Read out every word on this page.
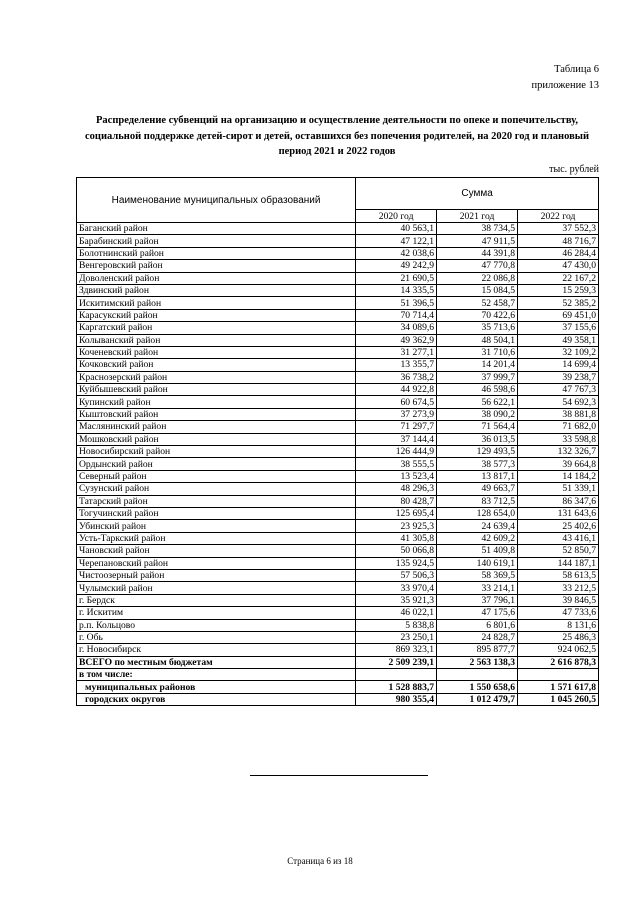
Таблица 6
приложение 13
Распределение субвенций на организацию и осуществление деятельности по опеке и попечительству, социальной поддержке детей-сирот и детей, оставшихся без попечения родителей, на 2020 год и плановый период 2021 и 2022 годов
тыс. рублей
Наименование муниципальных образований	Сумма		
	2020 год	2021 год	2022 год
Баганский район	40 563,1	38 734,5	37 552,3
Барабинский район	47 122,1	47 911,5	48 716,7
Болотнинский район	42 038,6	44 391,8	46 284,4
Венгеровский район	49 242,9	47 770,8	47 430,0
Доволенский район	21 690,5	22 086,8	22 167,2
Здвинский район	14 335,5	15 084,5	15 259,3
Искитимский район	51 396,5	52 458,7	52 385,2
Карасукский район	70 714,4	70 422,6	69 451,0
Каргатский район	34 089,6	35 713,6	37 155,6
Колыванский район	49 362,9	48 504,1	49 358,1
Коченевский район	31 277,1	31 710,6	32 109,2
Кочковский район	13 355,7	14 201,4	14 699,4
Краснозерский район	36 738,2	37 999,7	39 238,7
Куйбышевский район	44 922,8	46 598,6	47 767,3
Купинский район	60 674,5	56 622,1	54 692,3
Кыштовский район	37 273,9	38 090,2	38 881,8
Маслянинский район	71 297,7	71 564,4	71 682,0
Мошковский район	37 144,4	36 013,5	33 598,8
Новосибирский район	126 444,9	129 493,5	132 326,7
Ордынский район	38 555,5	38 577,3	39 664,8
Северный район	13 523,4	13 817,1	14 184,2
Сузунский район	48 296,3	49 663,7	51 339,1
Татарский район	80 428,7	83 712,5	86 347,6
Тогучинский район	125 695,4	128 654,0	131 643,6
Убинский район	23 925,3	24 639,4	25 402,6
Усть-Таркский район	41 305,8	42 609,2	43 416,1
Чановский район	50 066,8	51 409,8	52 850,7
Черепановский район	135 924,5	140 619,1	144 187,1
Чистоозерный район	57 506,3	58 369,5	58 613,5
Чулымский район	33 970,4	33 214,1	33 212,5
г. Бердск	35 921,3	37 796,1	39 846,5
г. Искитим	46 022,1	47 175,6	47 733,6
р.п. Кольцово	5 838,8	6 801,6	8 131,6
г. Обь	23 250,1	24 828,7	25 486,3
г. Новосибирск	869 323,1	895 877,7	924 062,5
ВСЕГО по местным бюджетам	2 509 239,1	2 563 138,3	2 616 878,3
в том числе:			
муниципальных районов	1 528 883,7	1 550 658,6	1 571 617,8
городских округов	980 355,4	1 012 479,7	1 045 260,5
Страница 6 из 18
